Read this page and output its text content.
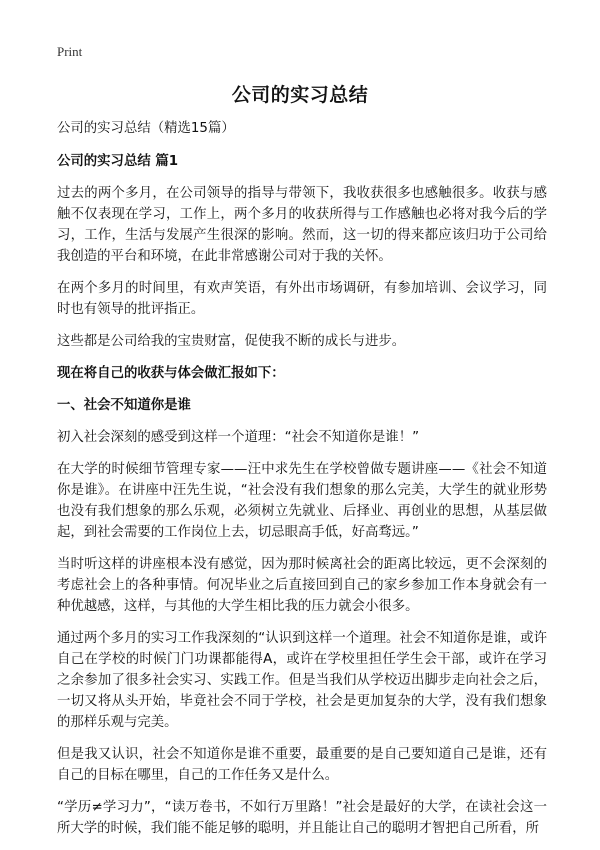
Print
公司的实习总结

公司的实习总结（精选15篇）

公司的实习总结 篇1

过去的两个多月，在公司领导的指导与带领下，我收获很多也感触很多。收获与感触不仅表现在学习，工作上，两个多月的收获所得与工作感触也必将对我今后的学习，工作，生活与发展产生很深的影响。然而，这一切的得来都应该归功于公司给我创造的平台和环境，在此非常感谢公司对于我的关怀。

在两个多月的时间里，有欢声笑语，有外出市场调研，有参加培训、会议学习，同时也有领导的批评指正。

这些都是公司给我的宝贵财富，促使我不断的成长与进步。

现在将自己的收获与体会做汇报如下：

一、社会不知道你是谁

初入社会深刻的感受到这样一个道理：“社会不知道你是谁！”

在大学的时候细节管理专家——汪中求先生在学校曾做专题讲座——《社会不知道你是谁》。在讲座中汪先生说，“社会没有我们想象的那么完美，大学生的就业形势也没有我们想象的那么乐观，必须树立先就业、后择业、再创业的思想，从基层做起，到社会需要的工作岗位上去，切忌眼高手低，好高骛远。”

当时听这样的讲座根本没有感觉，因为那时候离社会的距离比较远，更不会深刻的考虑社会上的各种事情。何况毕业之后直接回到自己的家乡参加工作本身就会有一种优越感，这样，与其他的大学生相比我的压力就会小很多。

通过两个多月的实习工作我深刻的“认识到这样一个道理。社会不知道你是谁，或许自己在学校的时候门门功课都能得A，或许在学校里担任学生会干部，或许在学习之余参加了很多社会实习、实践工作。但是当我们从学校迈出脚步走向社会之后，一切又将从头开始，毕竟社会不同于学校，社会是更加复杂的大学，没有我们想象的那样乐观与完美。

但是我又认识，社会不知道你是谁不重要，最重要的是自己要知道自己是谁，还有自己的目标在哪里，自己的工作任务又是什么。

“学历≠学习力”，“读万卷书，不如行万里路！”社会是最好的大学，在读社会这一所大学的时候，我们能不能足够的聪明，并且能让自己的聪明才智把自己所看，所
